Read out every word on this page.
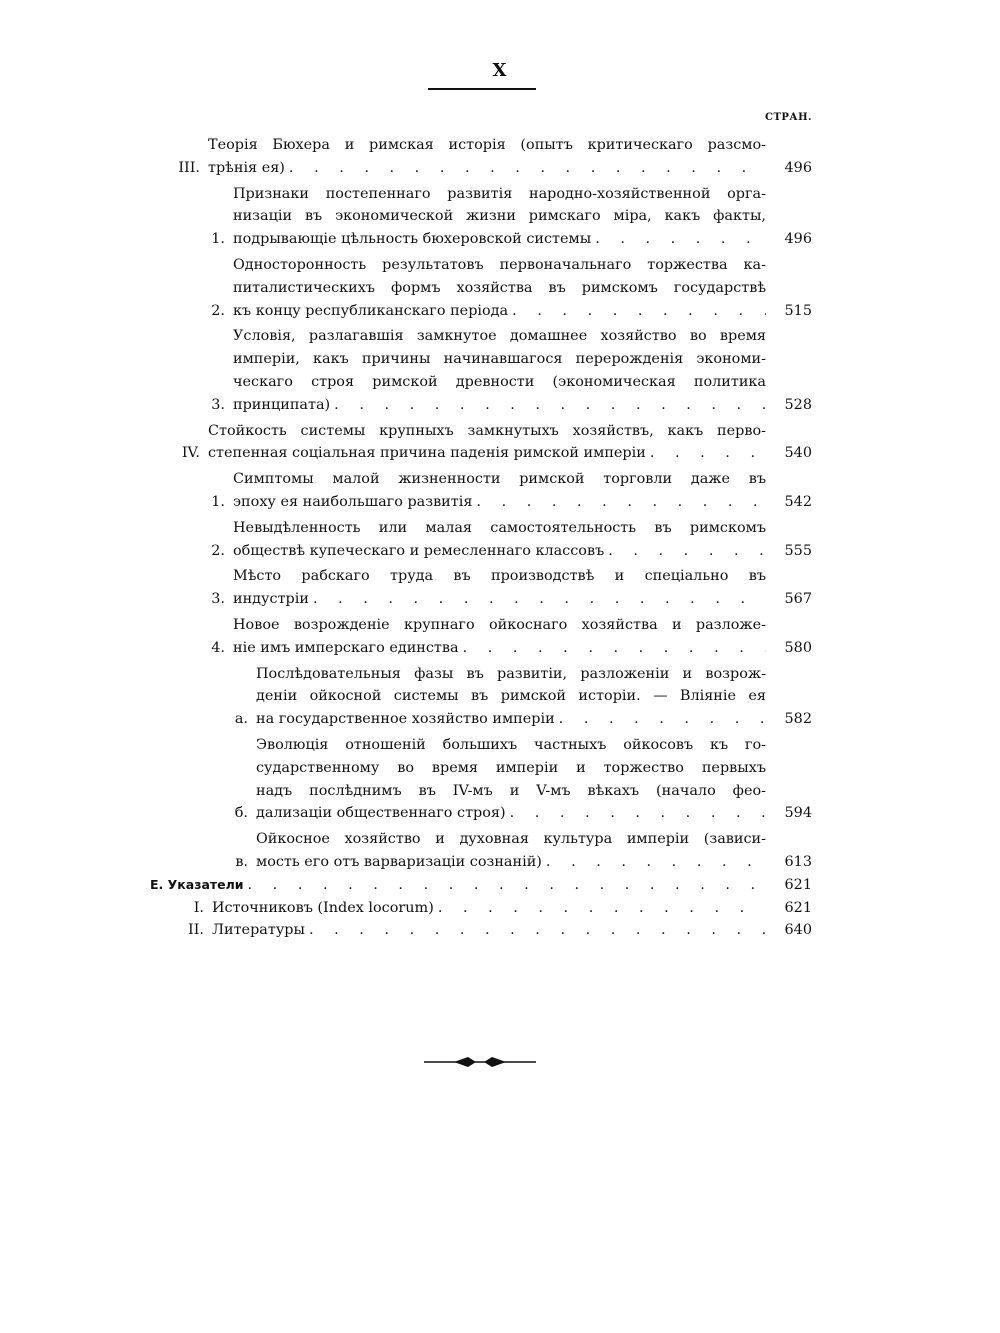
X
СТРАН.
III.
Теорія Бюхера и римская исторія (опытъ критическаго разсмо-
трѣнія ея) . . .	496
1.
Признаки постепеннаго развитія народно-хозяйственной орга-
низаціи въ экономической жизни римскаго міра, какъ факты,
подрывающіе цѣльность бюхеровской системы . . .	496
2.
Односторонность результатовъ первоначальнаго торжества ка-
питалистическихъ формъ хозяйства въ римскомъ государствѣ
къ концу республиканскаго періода . . .	515
3.
Условія, разлагавшія замкнутое домашнее хозяйство во время
имперіи, какъ причины начинавшагося перерожденія экономи-
ческаго строя римской древности (экономическая политика
принципата) . . .	528
IV.
Стойкость системы крупныхъ замкнутыхъ хозяйствъ, какъ перво-
степенная соціальная причина паденія римской имперіи . . .	540
1.
Симптомы малой жизненности римской торговли даже въ
эпоху ея наибольшаго развитія . . .	542
2.
Невыдѣленность или малая самостоятельность въ римскомъ
обществѣ купеческаго и ремесленнаго классовъ . . .	555
3.
Мѣсто рабскаго труда въ производствѣ и спеціально въ
индустріи . . .	567
4.
Новое возрожденіе крупнаго ойкоснаго хозяйства и разложе-
ніе имъ имперскаго единства . . .	580
а.
Послѣдовательныя фазы въ развитіи, разложеніи и возрож-
деніи ойкосной системы въ римской исторіи. — Вліяніе ея
на государственное хозяйство имперіи . . .	582
б.
Эволюція отношеній большихъ частныхъ ойкосовъ къ го-
сударственному во время имперіи и торжество первыхъ
надъ послѣднимъ въ IV-мъ и V-мъ вѣкахъ (начало фео-
дализаціи общественнаго строя) . . .	594
в.
Ойкосное хозяйство и духовная культура имперіи (зависи-
мость его отъ варваризаціи сознаній) . . .	613
Е. Указатели . . .	621
I. Источниковъ (Index locorum) . . .	621
II. Литературы . . .	640
